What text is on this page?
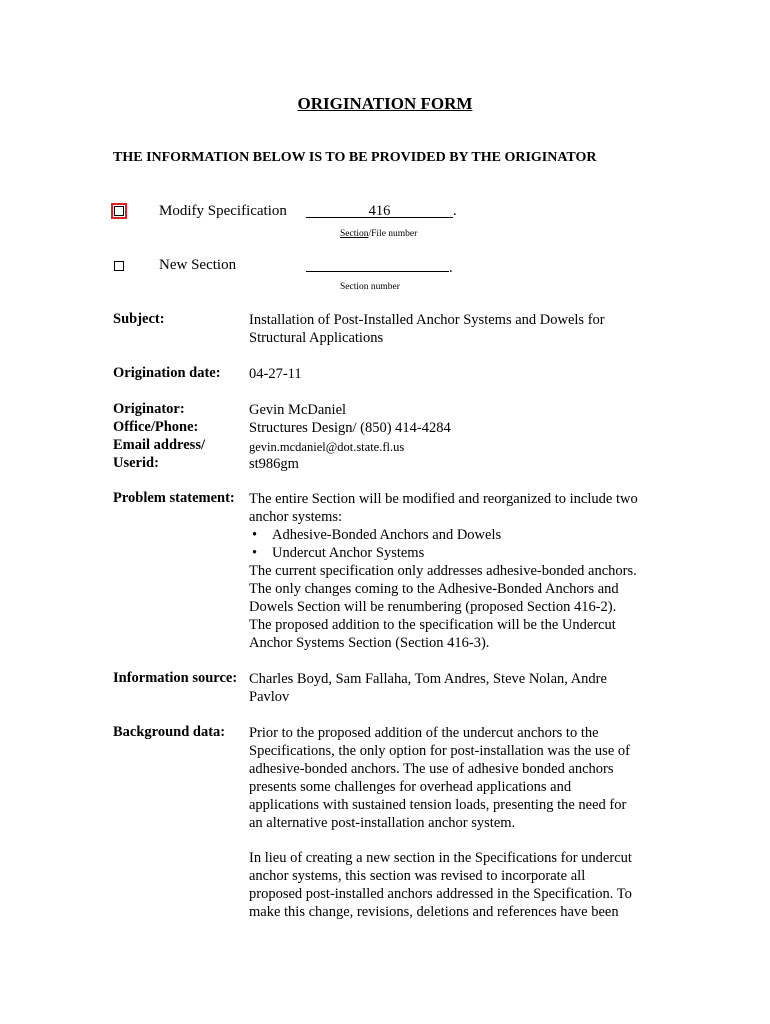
ORIGINATION FORM
THE INFORMATION BELOW IS TO BE PROVIDED BY THE ORIGINATOR
Modify Specification	416	.
Section/File number
New Section	.
Section number
Subject:	Installation of Post-Installed Anchor Systems and Dowels for

Structural Applications

Origination date: 04-27-11
Originator:	Gevin McDaniel
Office/Phone:	Structures Design/ (850) 414-4284
Email address/	gevin.mcdaniel@dot.state.fl.us
Userid:	st986gm
Problem statement: The entire Section will be modified and reorganized to include two

anchor systems:

• Adhesive-Bonded Anchors and Dowels
• Undercut Anchor Systems

The current specification only addresses adhesive-bonded anchors.

The only changes coming to the Adhesive-Bonded Anchors and

Dowels Section will be renumbering (proposed Section 416-2).

The proposed addition to the specification will be the Undercut

Anchor Systems Section (Section 416-3).

Information source: Charles Boyd, Sam Fallaha, Tom Andres, Steve Nolan, Andre

Pavlov

Background data: Prior to the proposed addition of the undercut anchors to the

Specifications, the only option for post-installation was the use of

adhesive-bonded anchors. The use of adhesive bonded anchors

presents some challenges for overhead applications and

applications with sustained tension loads, presenting the need for

an alternative post-installation anchor system.

In lieu of creating a new section in the Specifications for undercut

anchor systems, this section was revised to incorporate all

proposed post-installed anchors addressed in the Specification. To

make this change, revisions, deletions and references have been
